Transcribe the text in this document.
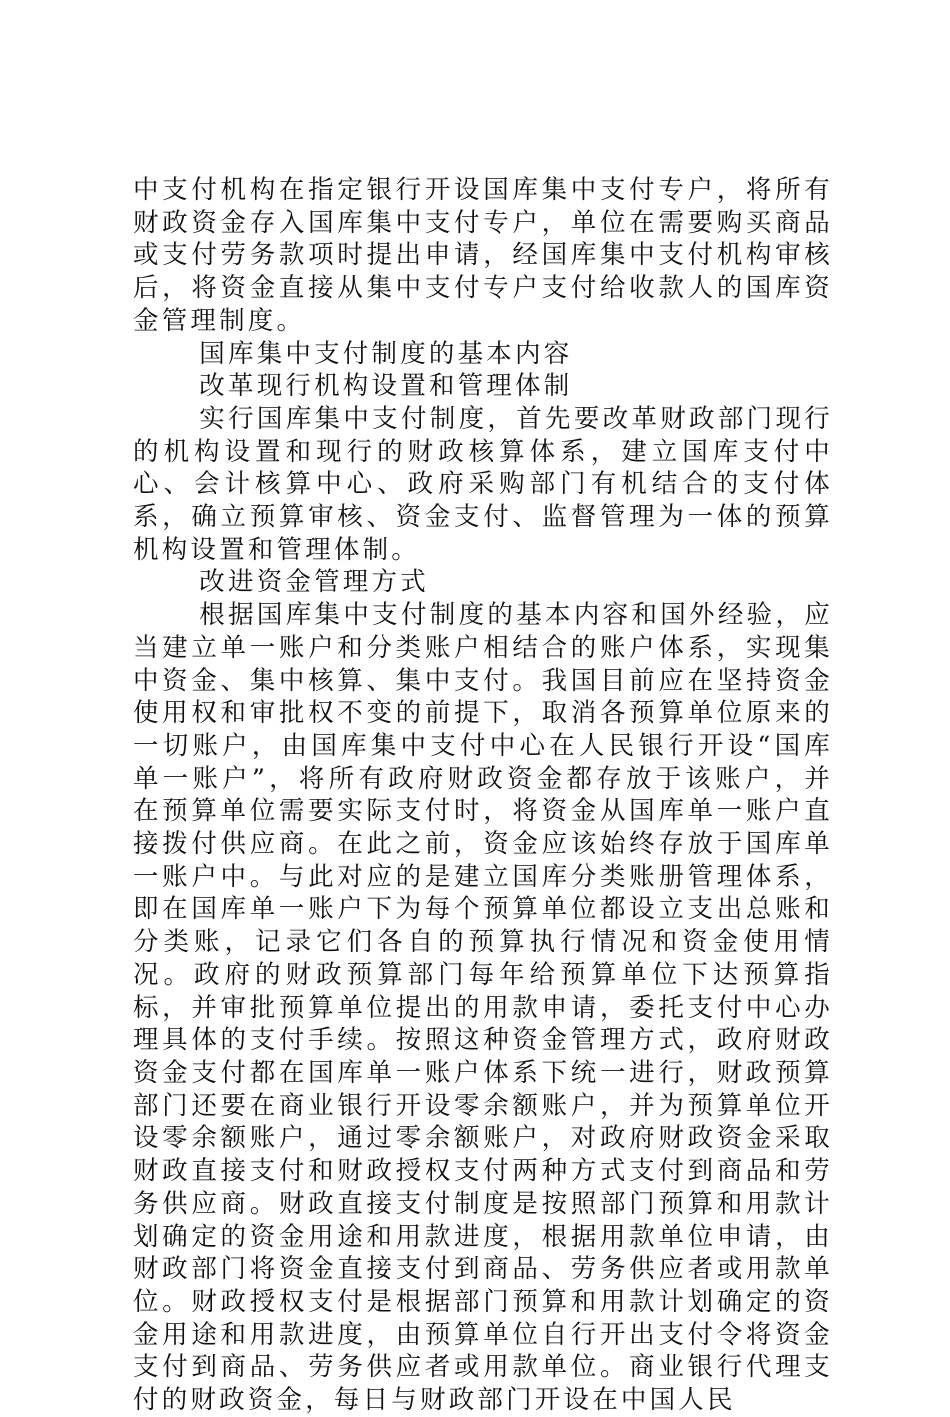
中支付机构在指定银行开设国库集中支付专户，将所有财政资金存入国库集中支付专户，单位在需要购买商品或支付劳务款项时提出申请，经国库集中支付机构审核后，将资金直接从集中支付专户支付给收款人的国库资金管理制度。

国库集中支付制度的基本内容

改革现行机构设置和管理体制

实行国库集中支付制度，首先要改革财政部门现行的机构设置和现行的财政核算体系，建立国库支付中心、会计核算中心、政府采购部门有机结合的支付体系，确立预算审核、资金支付、监督管理为一体的预算机构设置和管理体制。

改进资金管理方式

根据国库集中支付制度的基本内容和国外经验，应当建立单一账户和分类账户相结合的账户体系，实现集中资金、集中核算、集中支付。我国目前应在坚持资金使用权和审批权不变的前提下，取消各预算单位原来的一切账户，由国库集中支付中心在人民银行开设“国库单一账户”，将所有政府财政资金都存放于该账户，并在预算单位需要实际支付时，将资金从国库单一账户直接拨付供应商。在此之前，资金应该始终存放于国库单一账户中。与此对应的是建立国库分类账册管理体系，即在国库单一账户下为每个预算单位都设立支出总账和分类账，记录它们各自的预算执行情况和资金使用情况。政府的财政预算部门每年给预算单位下达预算指标，并审批预算单位提出的用款申请，委托支付中心办理具体的支付手续。按照这种资金管理方式，政府财政资金支付都在国库单一账户体系下统一进行，财政预算部门还要在商业银行开设零余额账户，并为预算单位开设零余额账户，通过零余额账户，对政府财政资金采取财政直接支付和财政授权支付两种方式支付到商品和劳务供应商。财政直接支付制度是按照部门预算和用款计划确定的资金用途和用款进度，根据用款单位申请，由财政部门将资金直接支付到商品、劳务供应者或用款单位。财政授权支付是根据部门预算和用款计划确定的资金用途和用款进度，由预算单位自行开出支付令将资金支付到商品、劳务供应者或用款单位。商业银行代理支付的财政资金，每日与财政部门开设在中国人民
